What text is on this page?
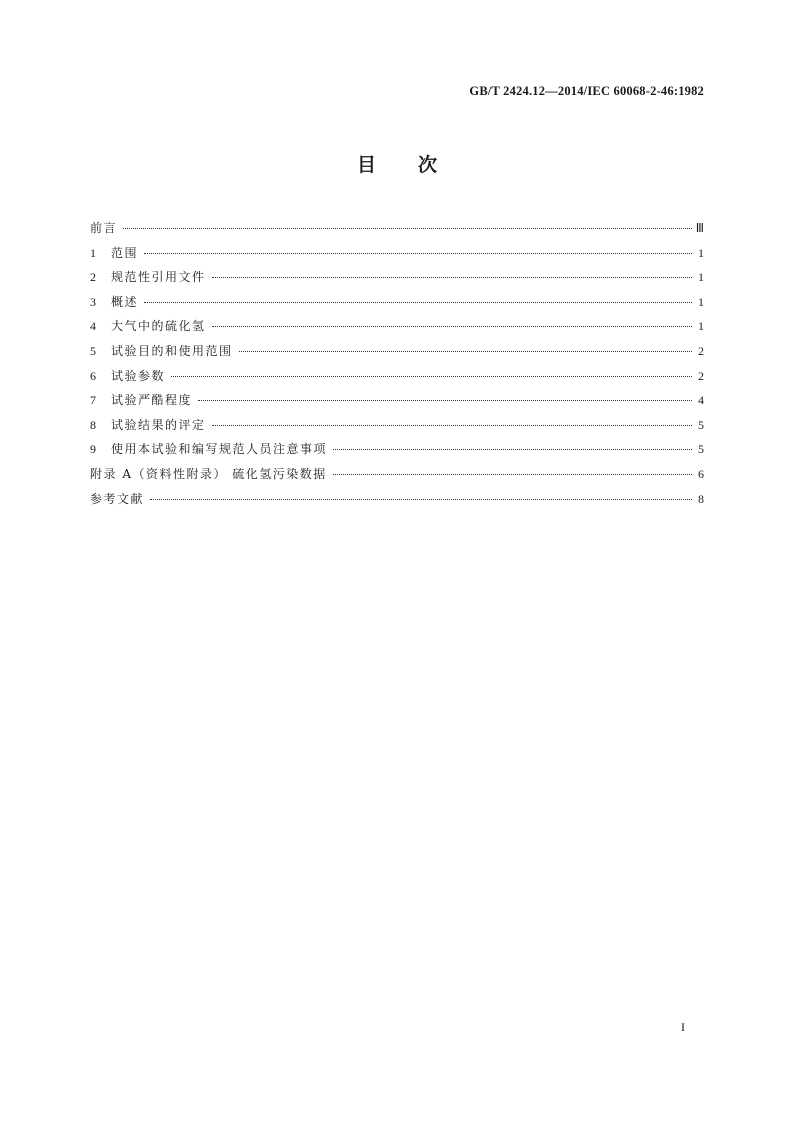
GB/T 2424.12—2014/IEC 60068-2-46:1982
目次
前言	Ⅲ
1	范围	1
2	规范性引用文件	1
3	概述	1
4	大气中的硫化氢	1
5	试验目的和使用范围	2
6	试验参数	2
7	试验严酷程度	4
8	试验结果的评定	5
9	使用本试验和编写规范人员注意事项	5
附录 A（资料性附录） 硫化氢污染数据	6
参考文献	8
I
